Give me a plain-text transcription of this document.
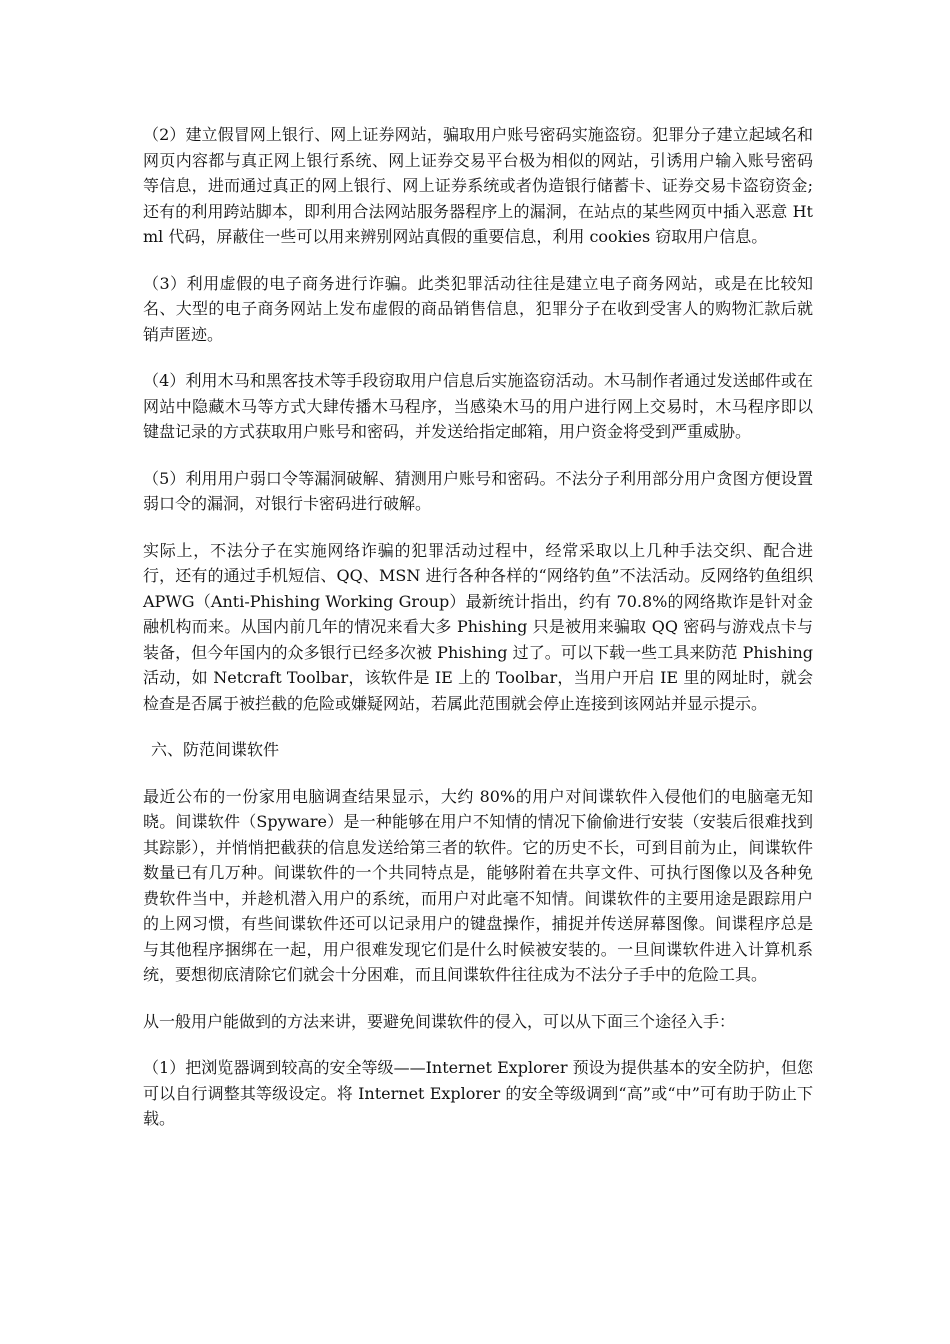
（2）建立假冒网上银行、网上证券网站，骗取用户账号密码实施盗窃。犯罪分子建立起域名和网页内容都与真正网上银行系统、网上证券交易平台极为相似的网站，引诱用户输入账号密码等信息，进而通过真正的网上银行、网上证券系统或者伪造银行储蓄卡、证券交易卡盗窃资金;还有的利用跨站脚本，即利用合法网站服务器程序上的漏洞，在站点的某些网页中插入恶意 Html 代码，屏蔽住一些可以用来辨别网站真假的重要信息，利用 cookies 窃取用户信息。

（3）利用虚假的电子商务进行诈骗。此类犯罪活动往往是建立电子商务网站，或是在比较知名、大型的电子商务网站上发布虚假的商品销售信息，犯罪分子在收到受害人的购物汇款后就销声匿迹。

（4）利用木马和黑客技术等手段窃取用户信息后实施盗窃活动。木马制作者通过发送邮件或在网站中隐藏木马等方式大肆传播木马程序，当感染木马的用户进行网上交易时，木马程序即以键盘记录的方式获取用户账号和密码，并发送给指定邮箱，用户资金将受到严重威胁。

（5）利用用户弱口令等漏洞破解、猜测用户账号和密码。不法分子利用部分用户贪图方便设置弱口令的漏洞，对银行卡密码进行破解。

实际上，不法分子在实施网络诈骗的犯罪活动过程中，经常采取以上几种手法交织、配合进行，还有的通过手机短信、QQ、MSN 进行各种各样的“网络钓鱼”不法活动。反网络钓鱼组织 APWG（Anti-Phishing Working Group）最新统计指出，约有 70.8%的网络欺诈是针对金融机构而来。从国内前几年的情况来看大多 Phishing 只是被用来骗取 QQ 密码与游戏点卡与装备，但今年国内的众多银行已经多次被 Phishing 过了。可以下载一些工具来防范 Phishing 活动，如 Netcraft Toolbar，该软件是 IE 上的 Toolbar，当用户开启 IE 里的网址时，就会检查是否属于被拦截的危险或嫌疑网站，若属此范围就会停止连接到该网站并显示提示。

六、防范间谍软件

最近公布的一份家用电脑调查结果显示，大约 80%的用户对间谍软件入侵他们的电脑毫无知晓。间谍软件（Spyware）是一种能够在用户不知情的情况下偷偷进行安装（安装后很难找到其踪影），并悄悄把截获的信息发送给第三者的软件。它的历史不长，可到目前为止，间谍软件数量已有几万种。间谍软件的一个共同特点是，能够附着在共享文件、可执行图像以及各种免费软件当中，并趁机潜入用户的系统，而用户对此毫不知情。间谍软件的主要用途是跟踪用户的上网习惯，有些间谍软件还可以记录用户的键盘操作，捕捉并传送屏幕图像。间谍程序总是与其他程序捆绑在一起，用户很难发现它们是什么时候被安装的。一旦间谍软件进入计算机系统，要想彻底清除它们就会十分困难，而且间谍软件往往成为不法分子手中的危险工具。

从一般用户能做到的方法来讲，要避免间谍软件的侵入，可以从下面三个途径入手：

（1）把浏览器调到较高的安全等级——Internet Explorer 预设为提供基本的安全防护，但您可以自行调整其等级设定。将 Internet Explorer 的安全等级调到“高”或“中”可有助于防止下载。
